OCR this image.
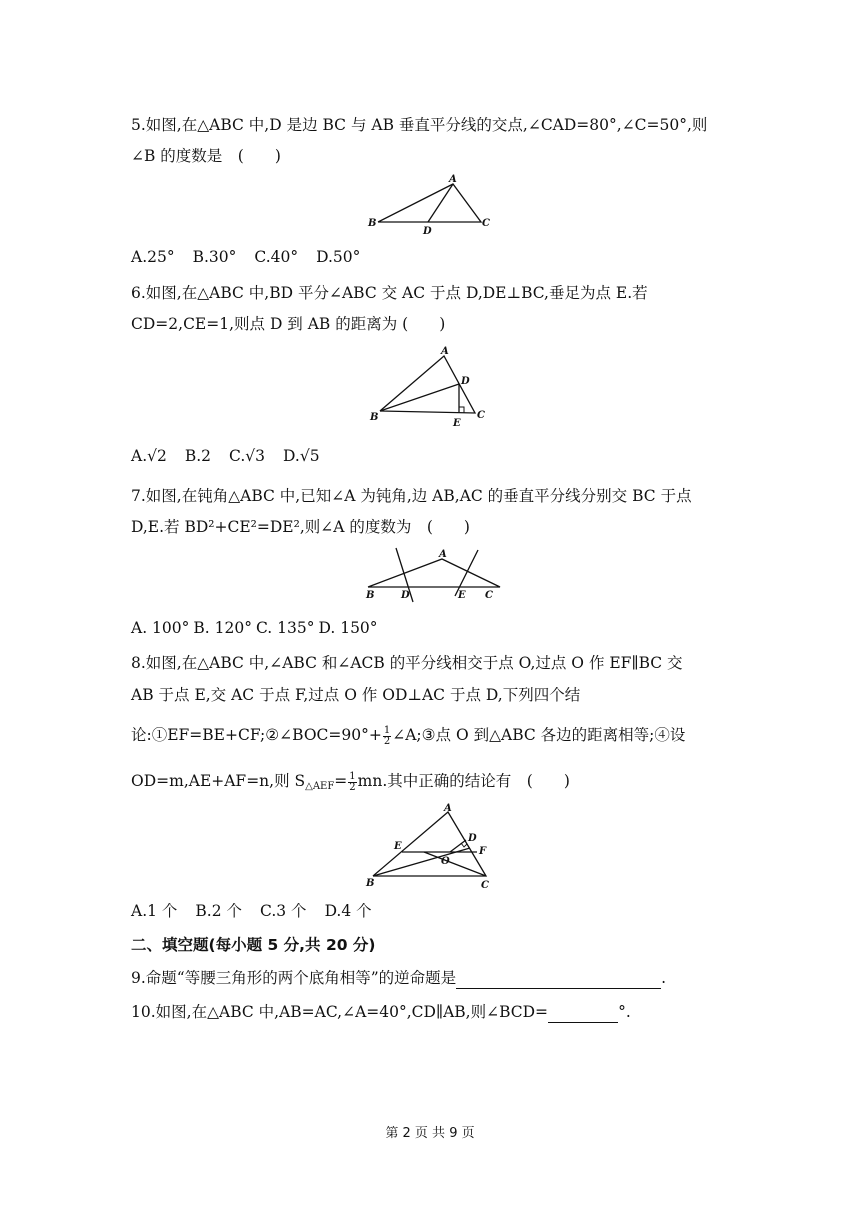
5.如图,在△ABC 中,D 是边 BC 与 AB 垂直平分线的交点,∠CAD=80°,∠C=50°,则
∠B 的度数是　(　　)
A
B	C
D
A.25° B.30° C.40° D.50°
6.如图,在△ABC 中,BD 平分∠ABC 交 AC 于点 D,DE⊥BC,垂足为点 E.若
CD=2,CE=1,则点 D 到 AB 的距离为 (　　)
A
B	C
D
E
A.√2 B.2 C.√3 D.√5
7.如图,在钝角△ABC 中,已知∠A 为钝角,边 AB,AC 的垂直平分线分别交 BC 于点
D,E.若 BD²+CE²=DE²,则∠A 的度数为　(　　)
A
B	C
D	E
A. 100° B. 120° C. 135° D. 150°
8.如图,在△ABC 中,∠ABC 和∠ACB 的平分线相交于点 O,过点 O 作 EF∥BC 交
AB 于点 E,交 AC 于点 F,过点 O 作 OD⊥AC 于点 D,下列四个结
论:①EF=BE+CF;②∠BOC=90°+ $\frac{1}{2}$ ∠A;③点 O 到△ABC 各边的距离相等;④设
OD=m,AE+AF=n,则 $S_{\triangle AEF}= \frac{1}{2}$ mn.其中正确的结论有　(　　)
A
B	C
D
E	F
O
A.1 个 B.2 个 C.3 个 D.4 个
二、填空题(每小题 5 分,共 20 分)
9.命题“等腰三角形的两个底角相等”的逆命题是	.
10.如图,在△ABC 中,AB=AC,∠A=40°,CD∥AB,则∠BCD=	°.
第 2 页 共 9 页
